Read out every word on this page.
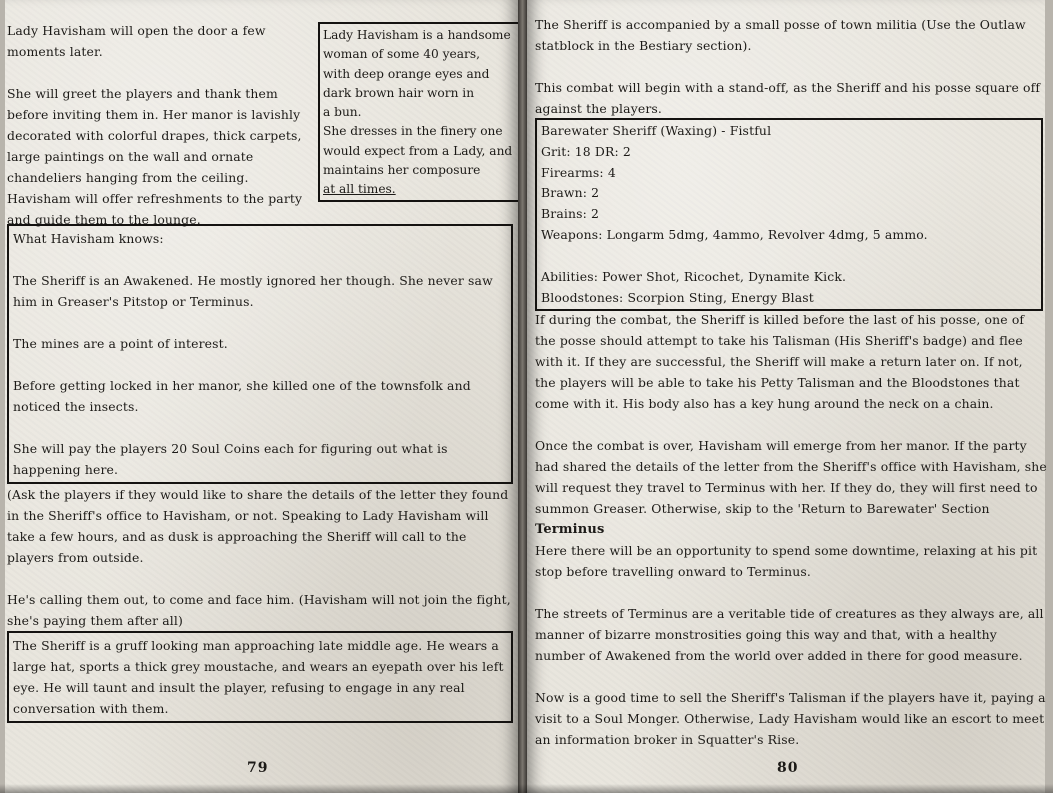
Lady Havisham will open the door a few moments later.

She will greet the players and thank them before inviting them in. Her manor is lavishly decorated with colorful drapes, thick carpets, large paintings on the wall and ornate chandeliers hanging from the ceiling. Havisham will offer refreshments to the party and guide them to the lounge.

Lady Havisham is a handsome

woman of some 40 years,

with deep orange eyes and

dark brown hair worn in

a bun.

She dresses in the finery one

would expect from a Lady, and

maintains her composure

at all times.

What Havisham knows:

The Sheriff is an Awakened. He mostly ignored her though. She never saw him in Greaser's Pitstop or Terminus.

The mines are a point of interest.

Before getting locked in her manor, she killed one of the townsfolk and noticed the insects.

She will pay the players 20 Soul Coins each for figuring out what is happening here.

(Ask the players if they would like to share the details of the letter they found in the Sheriff's office to Havisham, or not. Speaking to Lady Havisham will take a few hours, and as dusk is approaching the Sheriff will call to the players from outside.

He's calling them out, to come and face him. (Havisham will not join the fight, she's paying them after all)

The Sheriff is a gruff looking man approaching late middle age. He wears a large hat, sports a thick grey moustache, and wears an eyepath over his left eye. He will taunt and insult the player, refusing to engage in any real conversation with them.

79

The Sheriff is accompanied by a small posse of town militia (Use the Outlaw statblock in the Bestiary section).

This combat will begin with a stand-off, as the Sheriff and his posse square off against the players.

Barewater Sheriff (Waxing) - Fistful

Grit: 18 DR: 2

Firearms: 4

Brawn: 2

Brains: 2

Weapons: Longarm 5dmg, 4ammo, Revolver 4dmg, 5 ammo.

Abilities: Power Shot, Ricochet, Dynamite Kick.

Bloodstones: Scorpion Sting, Energy Blast

If during the combat, the Sheriff is killed before the last of his posse, one of the posse should attempt to take his Talisman (His Sheriff's badge) and flee with it. If they are successful, the Sheriff will make a return later on. If not, the players will be able to take his Petty Talisman and the Bloodstones that come with it. His body also has a key hung around the neck on a chain.

Once the combat is over, Havisham will emerge from her manor. If the party had shared the details of the letter from the Sheriff's office with Havisham, she will request they travel to Terminus with her. If they do, they will first need to summon Greaser. Otherwise, skip to the 'Return to Barewater' Section

Terminus

Here there will be an opportunity to spend some downtime, relaxing at his pit stop before travelling onward to Terminus.

The streets of Terminus are a veritable tide of creatures as they always are, all manner of bizarre monstrosities going this way and that, with a healthy number of Awakened from the world over added in there for good measure.

Now is a good time to sell the Sheriff's Talisman if the players have it, paying a visit to a Soul Monger. Otherwise, Lady Havisham would like an escort to meet an information broker in Squatter's Rise.

80
